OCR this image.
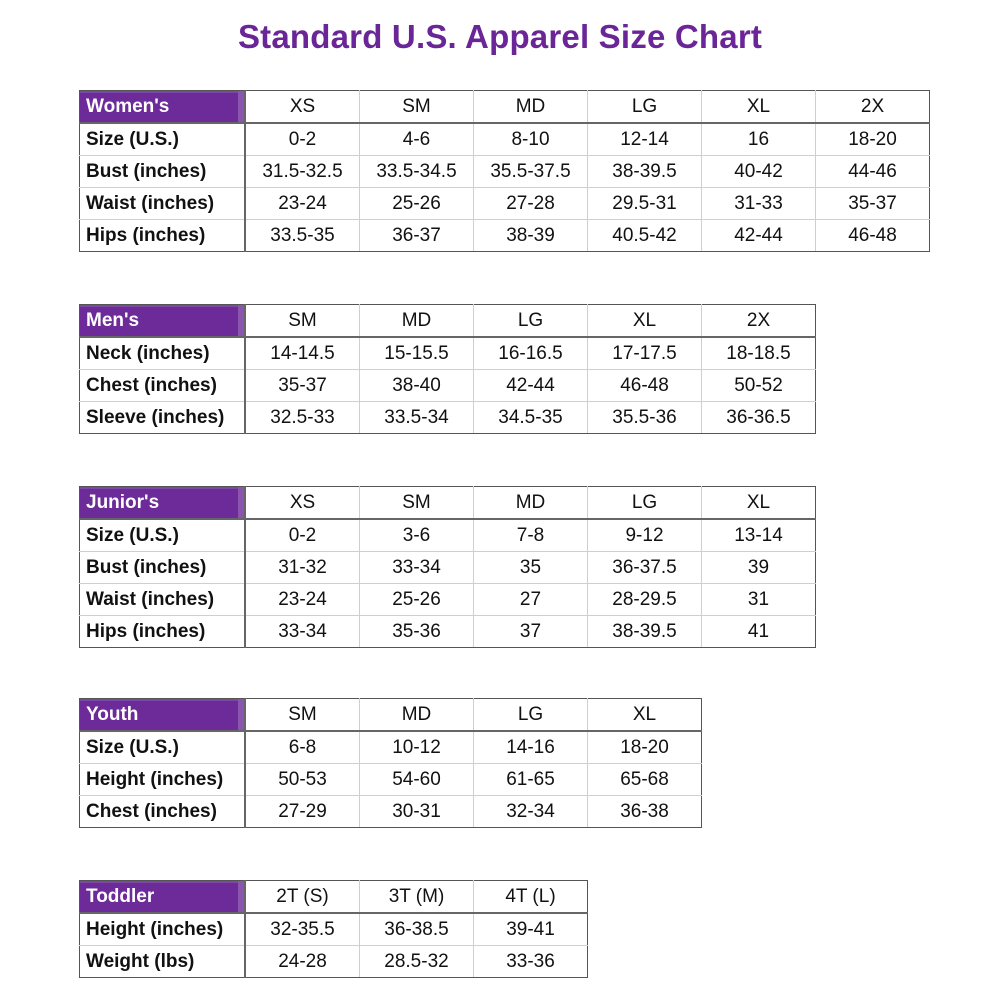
Standard U.S. Apparel Size Chart
Women's	XS	SM	MD	LG	XL	2X
Size (U.S.)	0-2	4-6	8-10	12-14	16	18-20
Bust (inches)	31.5-32.5	33.5-34.5	35.5-37.5	38-39.5	40-42	44-46
Waist (inches)	23-24	25-26	27-28	29.5-31	31-33	35-37
Hips (inches)	33.5-35	36-37	38-39	40.5-42	42-44	46-48
Men's	SM	MD	LG	XL	2X
Neck (inches)	14-14.5	15-15.5	16-16.5	17-17.5	18-18.5
Chest (inches)	35-37	38-40	42-44	46-48	50-52
Sleeve (inches)	32.5-33	33.5-34	34.5-35	35.5-36	36-36.5
Junior's	XS	SM	MD	LG	XL
Size (U.S.)	0-2	3-6	7-8	9-12	13-14
Bust (inches)	31-32	33-34	35	36-37.5	39
Waist (inches)	23-24	25-26	27	28-29.5	31
Hips (inches)	33-34	35-36	37	38-39.5	41
Youth	SM	MD	LG	XL
Size (U.S.)	6-8	10-12	14-16	18-20
Height (inches)	50-53	54-60	61-65	65-68
Chest (inches)	27-29	30-31	32-34	36-38
Toddler	2T (S)	3T (M)	4T (L)
Height (inches)	32-35.5	36-38.5	39-41
Weight (lbs)	24-28	28.5-32	33-36
